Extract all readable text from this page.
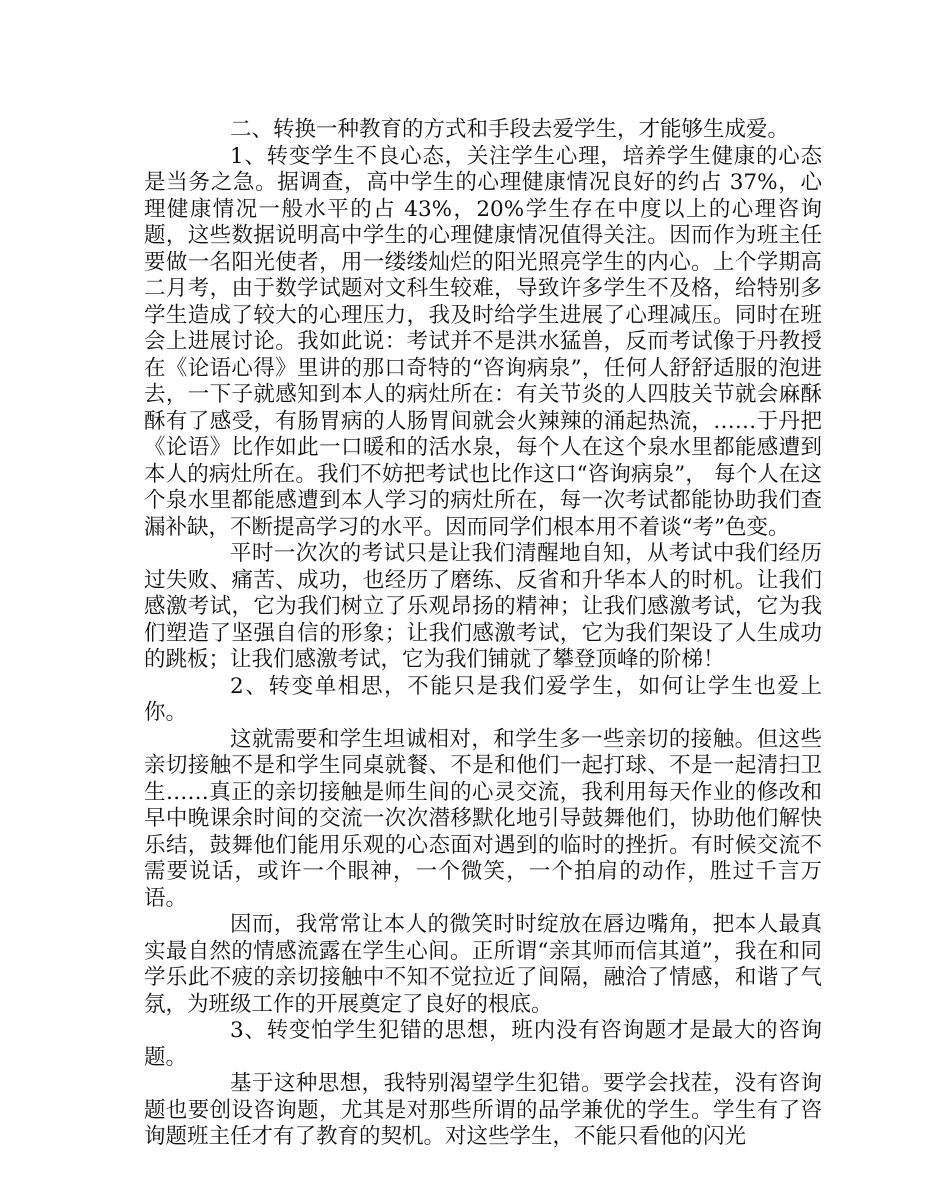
二、转换一种教育的方式和手段去爱学生，才能够生成爱。

1、转变学生不良心态，关注学生心理，培养学生健康的心态是当务之急。据调查，高中学生的心理健康情况良好的约占 37%，心理健康情况一般水平的占 43%，20%学生存在中度以上的心理咨询题，这些数据说明高中学生的心理健康情况值得关注。因而作为班主任要做一名阳光使者，用一缕缕灿烂的阳光照亮学生的内心。上个学期高二月考，由于数学试题对文科生较难，导致许多学生不及格，给特别多学生造成了较大的心理压力，我及时给学生进展了心理减压。同时在班会上进展讨论。我如此说：考试并不是洪水猛兽，反而考试像于丹教授在《论语心得》里讲的那口奇特的“咨询病泉”，任何人舒舒适服的泡进去，一下子就感知到本人的病灶所在：有关节炎的人四肢关节就会麻酥酥有了感受，有肠胃病的人肠胃间就会火辣辣的涌起热流，……于丹把《论语》比作如此一口暖和的活水泉，每个人在这个泉水里都能感遭到本人的病灶所在。我们不妨把考试也比作这口“咨询病泉”， 每个人在这个泉水里都能感遭到本人学习的病灶所在，每一次考试都能协助我们查漏补缺，不断提高学习的水平。因而同学们根本用不着谈“考”色变。

平时一次次的考试只是让我们清醒地自知，从考试中我们经历过失败、痛苦、成功，也经历了磨练、反省和升华本人的时机。让我们感激考试，它为我们树立了乐观昂扬的精神；让我们感激考试，它为我们塑造了坚强自信的形象；让我们感激考试，它为我们架设了人生成功的跳板；让我们感激考试，它为我们铺就了攀登顶峰的阶梯！

2、转变单相思，不能只是我们爱学生，如何让学生也爱上你。

这就需要和学生坦诚相对，和学生多一些亲切的接触。但这些亲切接触不是和学生同桌就餐、不是和他们一起打球、不是一起清扫卫生……真正的亲切接触是师生间的心灵交流，我利用每天作业的修改和早中晚课余时间的交流一次次潜移默化地引导鼓舞他们，协助他们解快乐结，鼓舞他们能用乐观的心态面对遇到的临时的挫折。有时候交流不需要说话，或许一个眼神，一个微笑，一个拍肩的动作，胜过千言万语。

因而，我常常让本人的微笑时时绽放在唇边嘴角，把本人最真实最自然的情感流露在学生心间。正所谓“亲其师而信其道”，我在和同学乐此不疲的亲切接触中不知不觉拉近了间隔，融洽了情感，和谐了气氛，为班级工作的开展奠定了良好的根底。

3、转变怕学生犯错的思想，班内没有咨询题才是最大的咨询题。

基于这种思想，我特别渴望学生犯错。要学会找茬，没有咨询题也要创设咨询题，尤其是对那些所谓的品学兼优的学生。学生有了咨询题班主任才有了教育的契机。对这些学生，不能只看他的闪光
